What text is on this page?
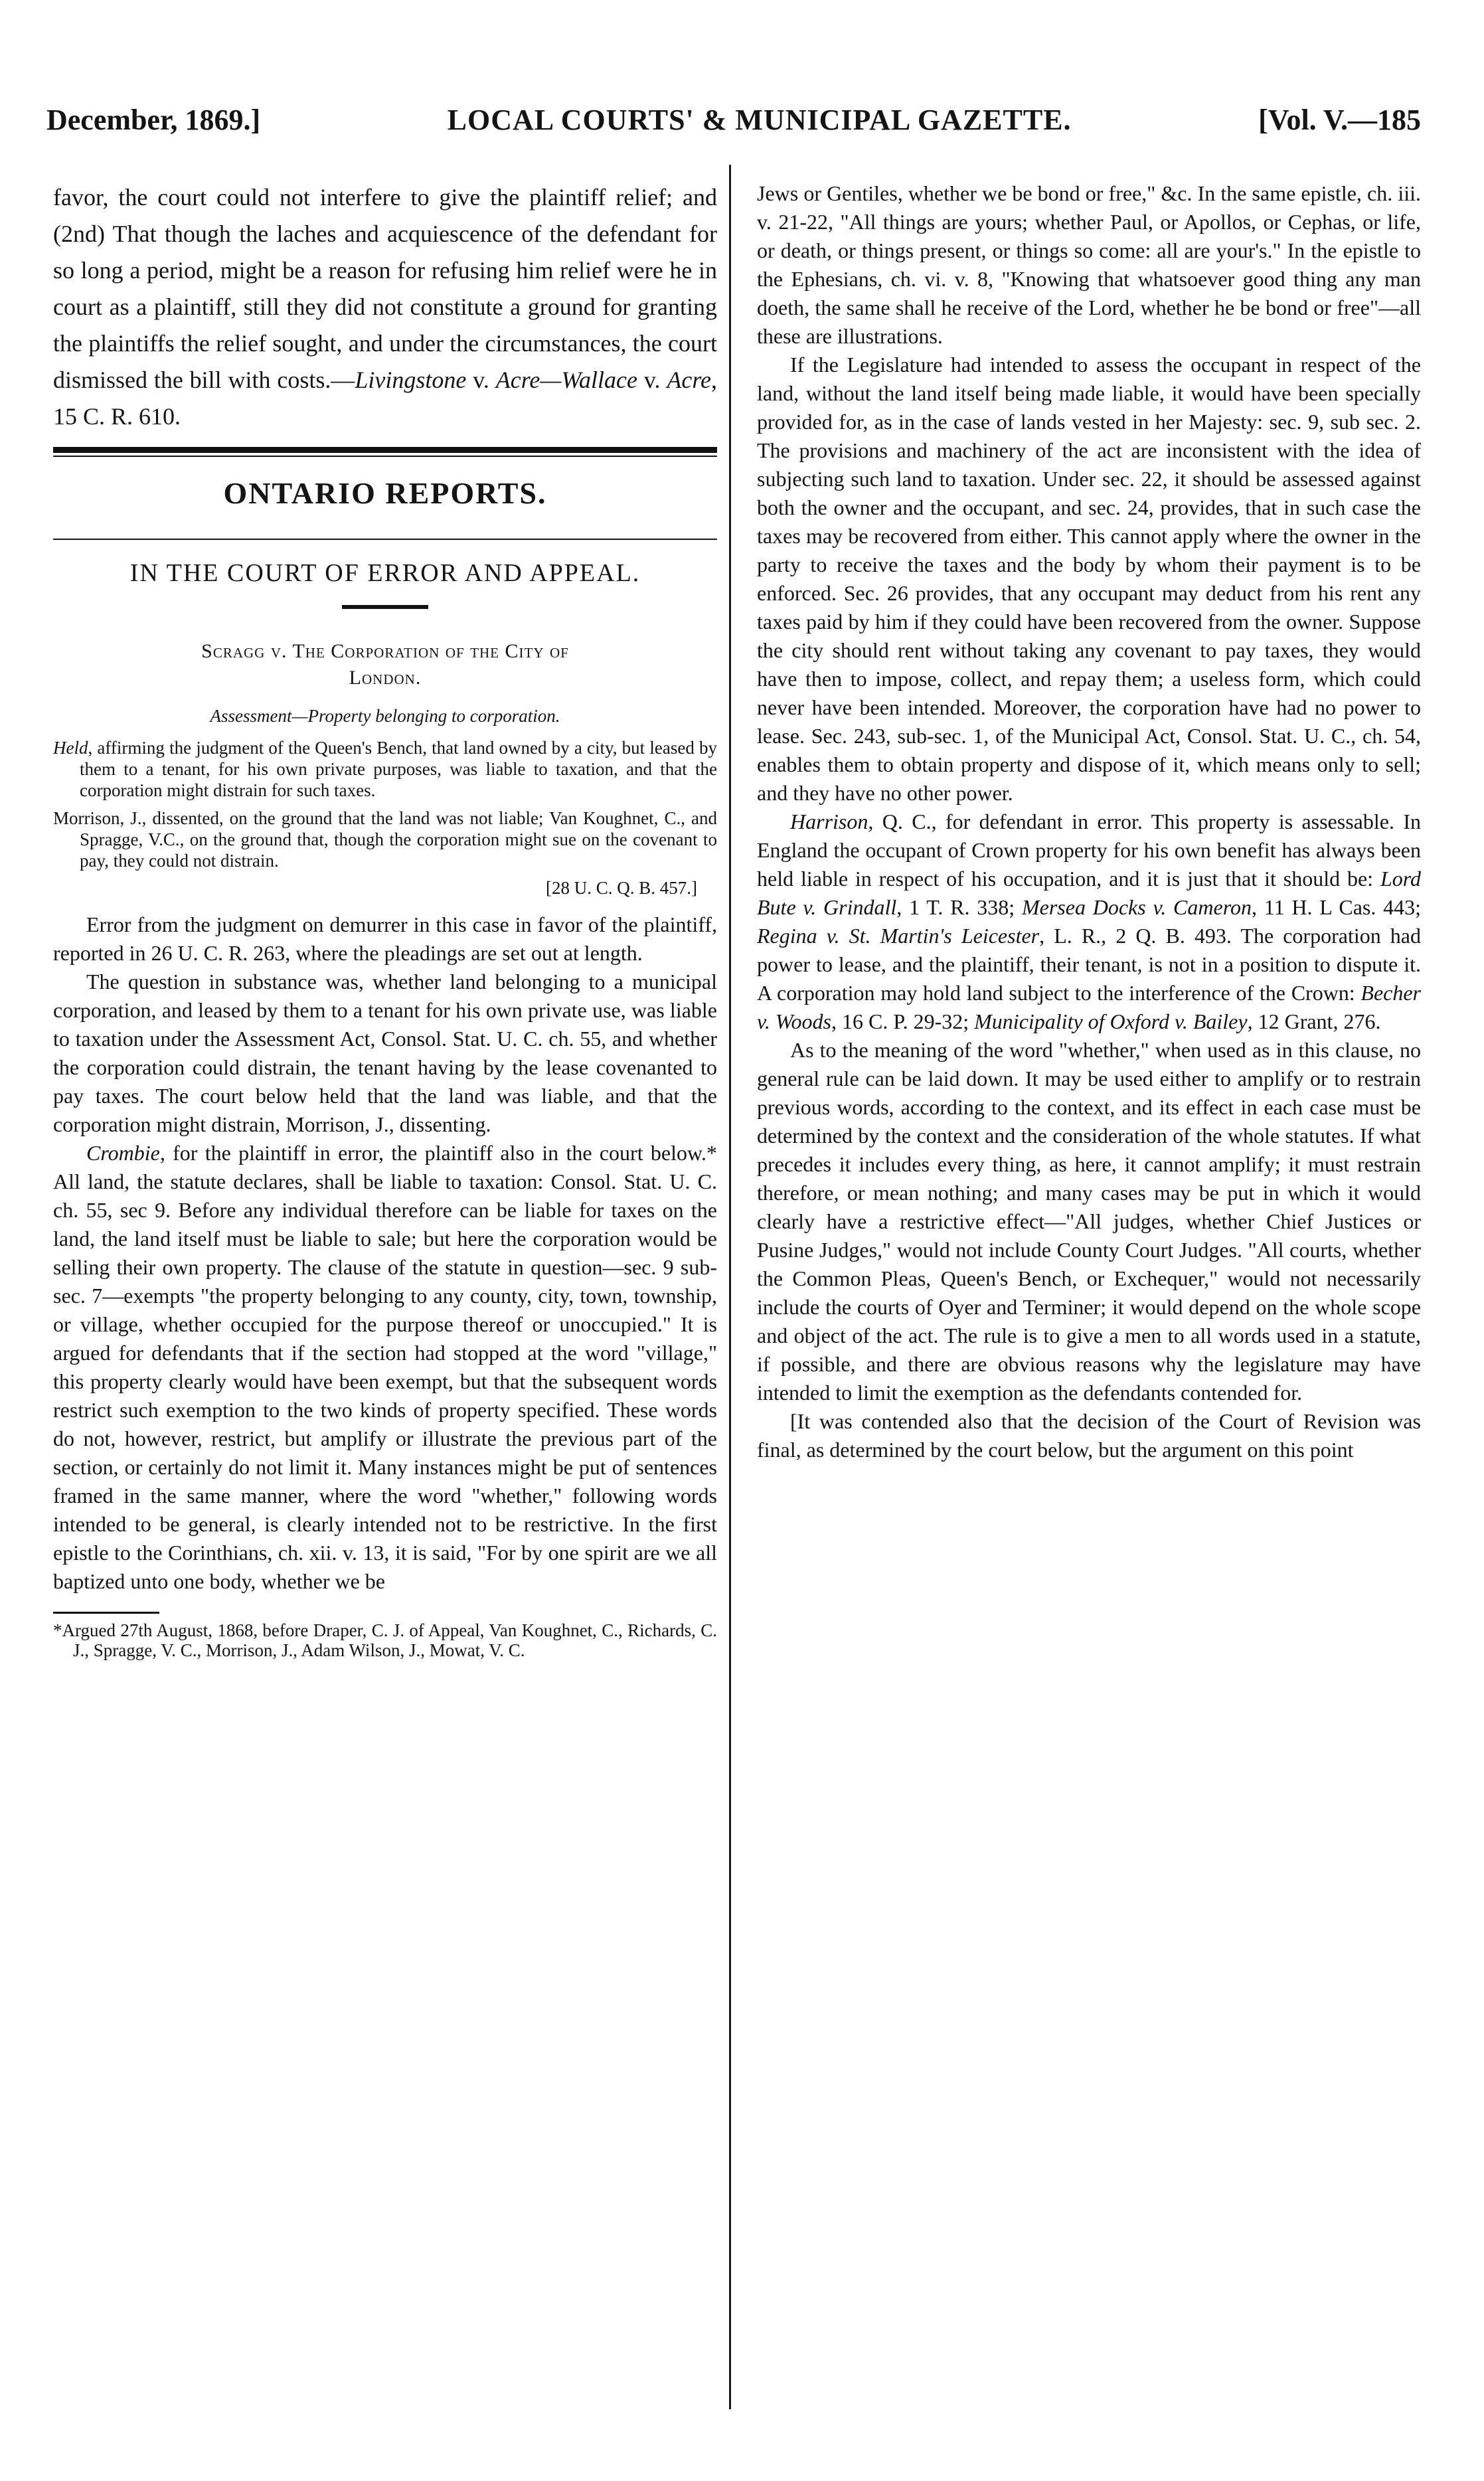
December, 1869.]	LOCAL COURTS' & MUNICIPAL GAZETTE.	[Vol. V.—185

favor, the court could not interfere to give the plaintiff relief; and (2nd) That though the laches and acquiescence of the defendant for so long a period, might be a reason for refusing him relief were he in court as a plaintiff, still they did not constitute a ground for granting the plaintiffs the relief sought, and under the circumstances, the court dismissed the bill with costs.—Livingstone v. Acre—Wallace v. Acre, 15 C. R. 610.

ONTARIO REPORTS.
IN THE COURT OF ERROR AND APPEAL.
Scragg v. The Corporation of the City of
London.
Assessment—Property belonging to corporation.

Held, affirming the judgment of the Queen's Bench, that land owned by a city, but leased by them to a tenant, for his own private purposes, was liable to taxation, and that the corporation might distrain for such taxes.

Morrison, J., dissented, on the ground that the land was not liable; Van Koughnet, C., and Spragge, V.C., on the ground that, though the corporation might sue on the covenant to pay, they could not distrain.

[28 U. C. Q. B. 457.]

Error from the judgment on demurrer in this case in favor of the plaintiff, reported in 26 U. C. R. 263, where the pleadings are set out at length.

The question in substance was, whether land belonging to a municipal corporation, and leased by them to a tenant for his own private use, was liable to taxation under the Assessment Act, Consol. Stat. U. C. ch. 55, and whether the corporation could distrain, the tenant having by the lease covenanted to pay taxes. The court below held that the land was liable, and that the corporation might distrain, Morrison, J., dissenting.

Crombie, for the plaintiff in error, the plaintiff also in the court below.* All land, the statute declares, shall be liable to taxation: Consol. Stat. U. C. ch. 55, sec 9. Before any individual therefore can be liable for taxes on the land, the land itself must be liable to sale; but here the corporation would be selling their own property. The clause of the statute in question—sec. 9 sub-sec. 7—exempts "the property belonging to any county, city, town, township, or village, whether occupied for the purpose thereof or unoccupied." It is argued for defendants that if the section had stopped at the word "village," this property clearly would have been exempt, but that the subsequent words restrict such exemption to the two kinds of property specified. These words do not, however, restrict, but amplify or illustrate the previous part of the section, or certainly do not limit it. Many instances might be put of sentences framed in the same manner, where the word "whether," following words intended to be general, is clearly intended not to be restrictive. In the first epistle to the Corinthians, ch. xii. v. 13, it is said, "For by one spirit are we all baptized unto one body, whether we be

*Argued 27th August, 1868, before Draper, C. J. of Appeal, Van Koughnet, C., Richards, C. J., Spragge, V. C., Morrison, J., Adam Wilson, J., Mowat, V. C.

Jews or Gentiles, whether we be bond or free," &c. In the same epistle, ch. iii. v. 21-22, "All things are yours; whether Paul, or Apollos, or Cephas, or life, or death, or things present, or things so come: all are your's." In the epistle to the Ephesians, ch. vi. v. 8, "Knowing that whatsoever good thing any man doeth, the same shall he receive of the Lord, whether he be bond or free"—all these are illustrations.

If the Legislature had intended to assess the occupant in respect of the land, without the land itself being made liable, it would have been specially provided for, as in the case of lands vested in her Majesty: sec. 9, sub sec. 2. The provisions and machinery of the act are inconsistent with the idea of subjecting such land to taxation. Under sec. 22, it should be assessed against both the owner and the occupant, and sec. 24, provides, that in such case the taxes may be recovered from either. This cannot apply where the owner in the party to receive the taxes and the body by whom their payment is to be enforced. Sec. 26 provides, that any occupant may deduct from his rent any taxes paid by him if they could have been recovered from the owner. Suppose the city should rent without taking any covenant to pay taxes, they would have then to impose, collect, and repay them; a useless form, which could never have been intended. Moreover, the corporation have had no power to lease. Sec. 243, sub-sec. 1, of the Municipal Act, Consol. Stat. U. C., ch. 54, enables them to obtain property and dispose of it, which means only to sell; and they have no other power.

Harrison, Q. C., for defendant in error. This property is assessable. In England the occupant of Crown property for his own benefit has always been held liable in respect of his occupation, and it is just that it should be: Lord Bute v. Grindall, 1 T. R. 338; Mersea Docks v. Cameron, 11 H. L Cas. 443; Regina v. St. Martin's Leicester, L. R., 2 Q. B. 493. The corporation had power to lease, and the plaintiff, their tenant, is not in a position to dispute it. A corporation may hold land subject to the interference of the Crown: Becher v. Woods, 16 C. P. 29-32; Municipality of Oxford v. Bailey, 12 Grant, 276.

As to the meaning of the word "whether," when used as in this clause, no general rule can be laid down. It may be used either to amplify or to restrain previous words, according to the context, and its effect in each case must be determined by the context and the consideration of the whole statutes. If what precedes it includes every thing, as here, it cannot amplify; it must restrain therefore, or mean nothing; and many cases may be put in which it would clearly have a restrictive effect—"All judges, whether Chief Justices or Pusine Judges," would not include County Court Judges. "All courts, whether the Common Pleas, Queen's Bench, or Exchequer," would not necessarily include the courts of Oyer and Terminer; it would depend on the whole scope and object of the act. The rule is to give a men to all words used in a statute, if possible, and there are obvious reasons why the legislature may have intended to limit the exemption as the defendants contended for.

[It was contended also that the decision of the Court of Revision was final, as determined by the court below, but the argument on this point
